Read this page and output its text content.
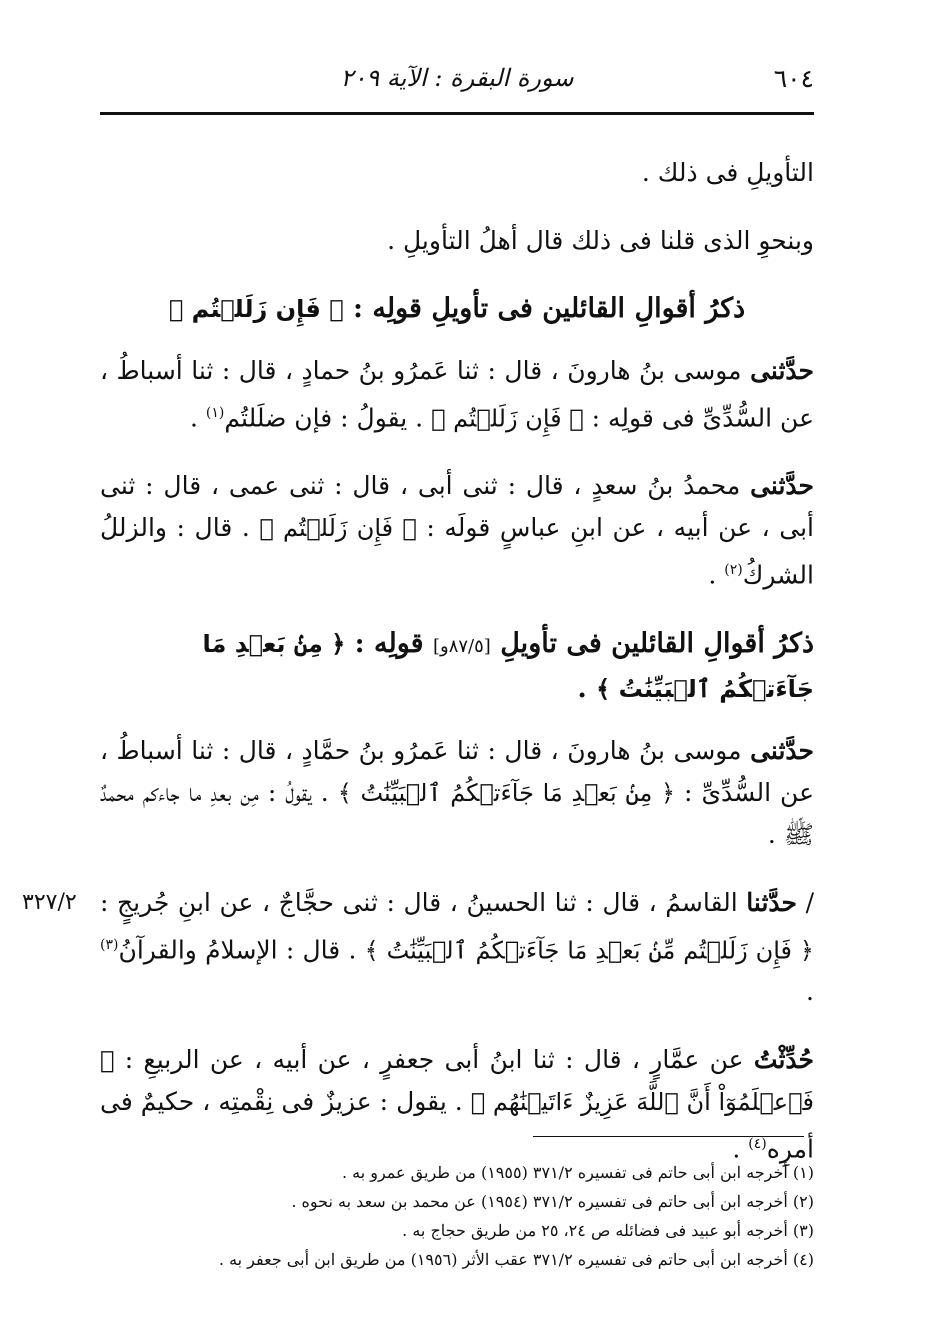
٦٠٤
سورة البقرة : الآية ٢٠٩

التأويلِ فى ذلك .

وبنحوِ الذى قلنا فى ذلك قال أهلُ التأويلِ .

ذكرُ أقوالِ القائلين فى تأويلِ قولِه : ﴿ فَإِن زَلَلۡتُم ﴾

حدَّثنى موسى بنُ هارونَ ، قال : ثنا عَمرُو بنُ حمادٍ ، قال : ثنا أسباطُ ، عن السُّدِّىِّ فى قولِه : ﴿ فَإِن زَلَلۡتُم ﴾ . يقولُ : فإن ضلَلتُم$^{(١)}$ .

حدَّثنى محمدُ بنُ سعدٍ ، قال : ثنى أبى ، قال : ثنى عمى ، قال : ثنى أبى ، عن أبيه ، عن ابنِ عباسٍ قولَه : ﴿ فَإِن زَلَلۡتُم ﴾ . قال : والزللُ الشركُ$^{(٢)}$ .

ذكرُ أقوالِ القائلين فى تأويلِ [٨٧/٥و] قولِه : ﴿ مِنۢ بَعۡدِ مَا جَآءَتۡكُمُ ٱلۡبَيِّنَٰتُ ﴾ .

حدَّثنى موسى بنُ هارونَ ، قال : ثنا عَمرُو بنُ حمَّادٍ ، قال : ثنا أسباطُ ، عن السُّدِّىِّ : ﴿ مِنۢ بَعۡدِ مَا جَآءَتۡكُمُ ٱلۡبَيِّنَٰتُ ﴾ . يقولُ : مِن بعدِ ما جاءكم محمدٌ ﷺ .

٣٢٧/٢	/ حدَّثنا القاسمُ ، قال : ثنا الحسينُ ، قال : ثنى حجَّاجٌ ، عن ابنِ جُريجٍ : ﴿ فَإِن زَلَلۡتُم مِّنۢ بَعۡدِ مَا جَآءَتۡكُمُ ٱلۡبَيِّنَٰتُ ﴾ . قال : الإسلامُ والقرآنُ$^{(٣)}$ .

حُدِّثْتُ عن عمَّارٍ ، قال : ثنا ابنُ أبى جعفرٍ ، عن أبيه ، عن الربيعِ : ﴿ فَٱعۡلَمُوٓاْ أَنَّ ٱللَّهَ عَزِيزٌ ءَاتَيۡنَٰهُم ﴾ . يقول : عزيزٌ فى نِقْمتِه ، حكيمٌ فى أمرِه$^{(٤)}$ .

(١) أخرجه ابن أبى حاتم فى تفسيره ٣٧١/٢ (١٩٥٥) من طريق عمرو به .

(٢) أخرجه ابن أبى حاتم فى تفسيره ٣٧١/٢ (١٩٥٤) عن محمد بن سعد به نحوه .

(٣) أخرجه أبو عبيد فى فضائله ص ٢٤، ٢٥ من طريق حجاج به .

(٤) أخرجه ابن أبى حاتم فى تفسيره ٣٧١/٢ عقب الأثر (١٩٥٦) من طريق ابن أبى جعفر به .
